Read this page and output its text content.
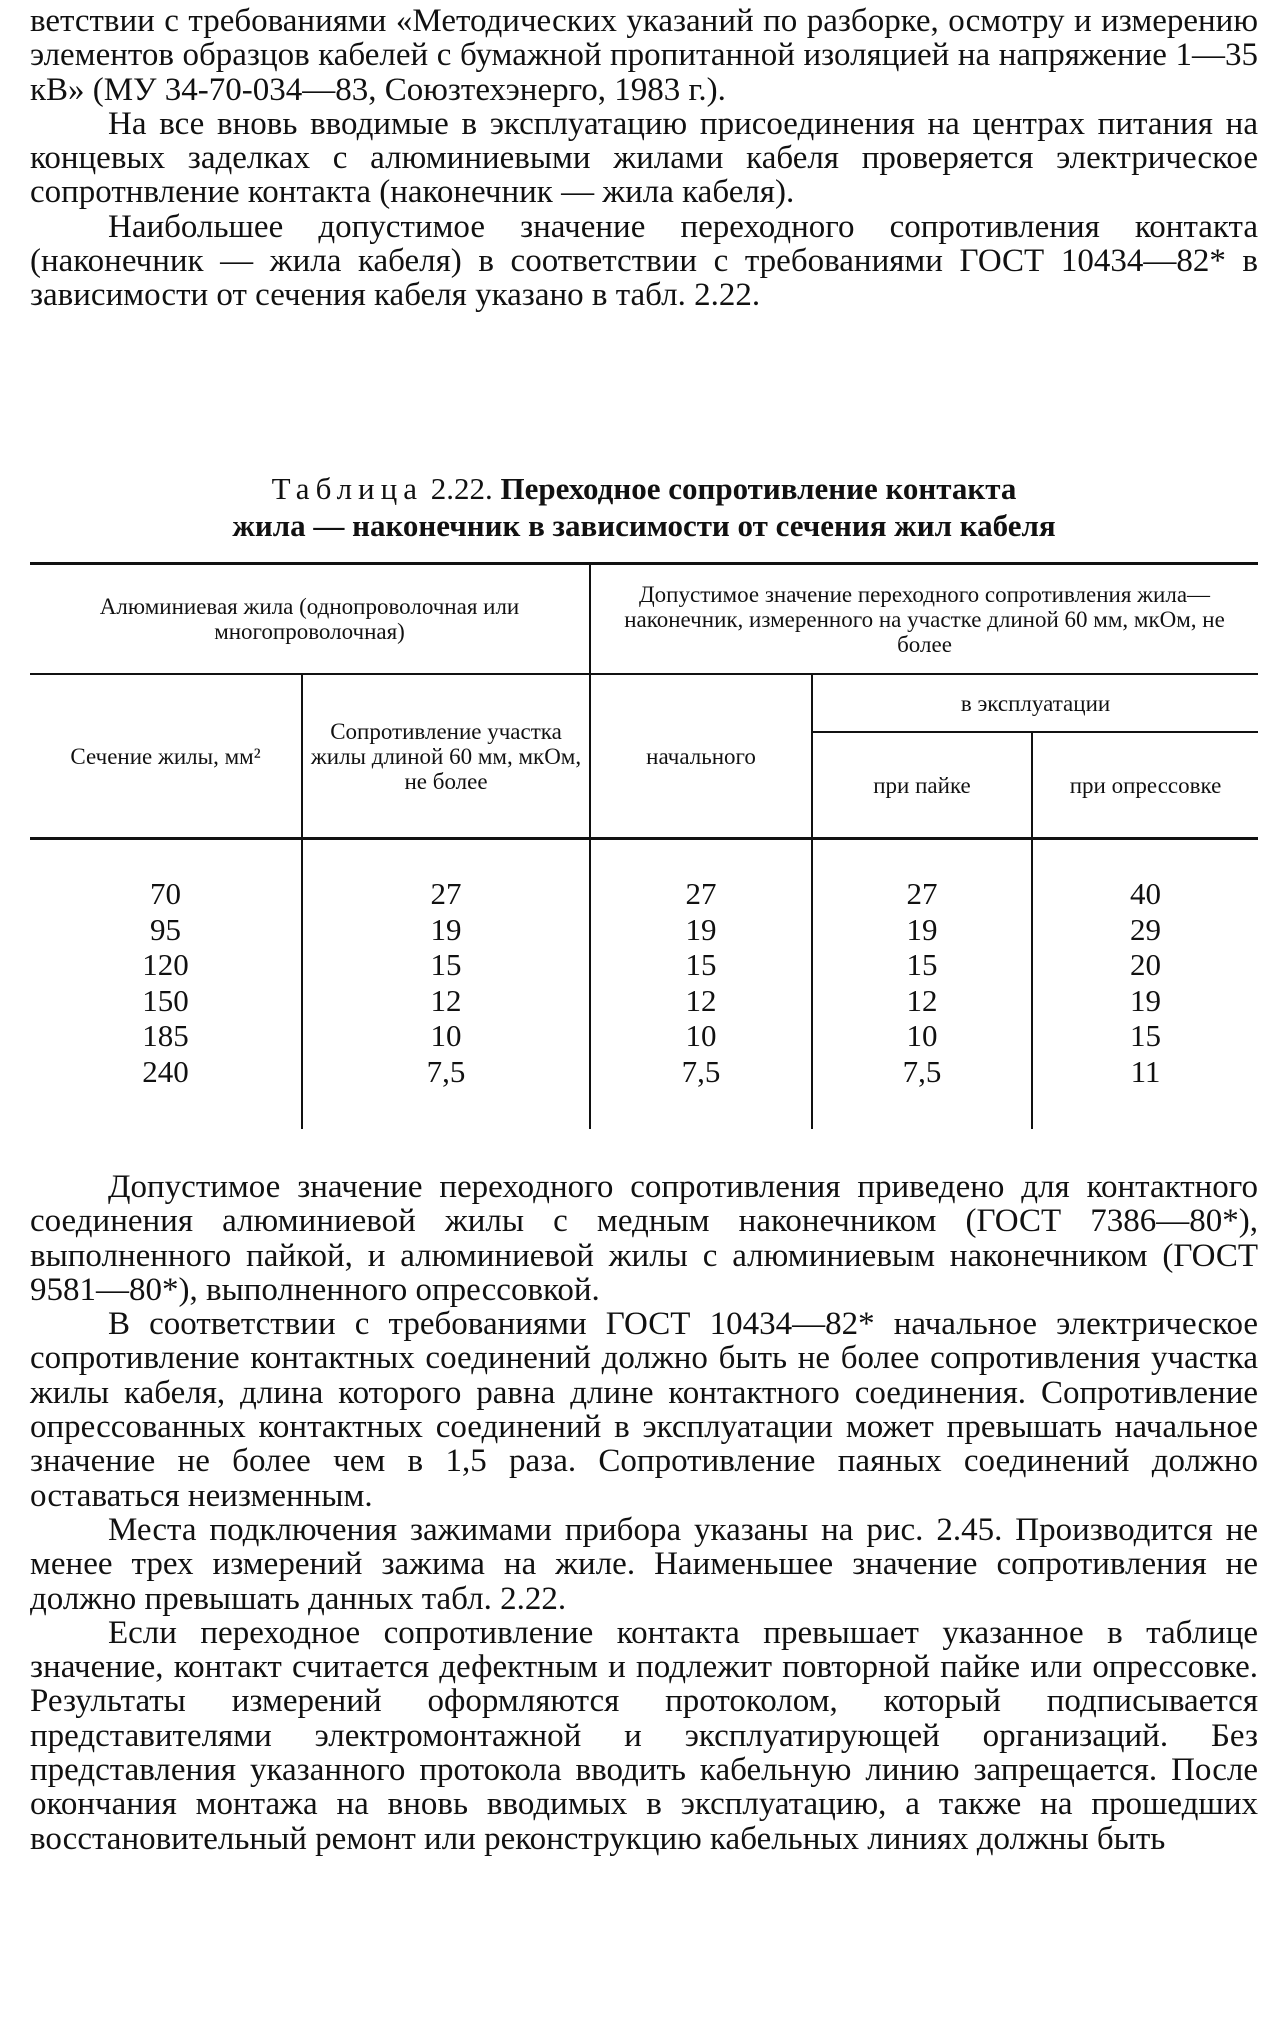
ветствии с требованиями «Методических указаний по разборке, осмотру и измерению элементов образцов кабелей с бумажной пропитанной изоляцией на напряжение 1—35 кВ» (МУ 34-70-034—83, Союзтехэнерго, 1983 г.).

На все вновь вводимые в эксплуатацию присоединения на центрах питания на концевых заделках с алюминиевыми жилами кабеля проверяется электрическое сопротнвление контакта (наконечник — жила кабеля).

Наибольшее допустимое значение переходного сопротивления контакта (наконечник — жила кабеля) в соответствии с требованиями ГОСТ 10434—82* в зависимости от сечения кабеля указано в табл. 2.22.

Таблица 2.22. Переходное сопротивление контакта
жила — наконечник в зависимости от сечения жил кабеля
Алюминиевая жила (однопроволочная или многопроволочная)		Допустимое значение переходного сопротивления жила—наконечник, измеренного на участке длиной 60 мм, мкОм, не более		
Сечение жилы, мм²	Сопротивление участка жилы длиной 60 мм, мкОм, не более	начального	в эксплуатации	
			при пайке	при опрессовке
70	27	27	27	40
95	19	19	19	29
120	15	15	15	20
150	12	12	12	19
185	10	10	10	15
240	7,5	7,5	7,5	11

Допустимое значение переходного сопротивления приведено для контактного соединения алюминиевой жилы с медным наконечником (ГОСТ 7386—80*), выполненного пайкой, и алюминиевой жилы с алюминиевым наконечником (ГОСТ 9581—80*), выполненного опрессовкой.

В соответствии с требованиями ГОСТ 10434—82* начальное электрическое сопротивление контактных соединений должно быть не более сопротивления участка жилы кабеля, длина которого равна длине контактного соединения. Сопротивление опрессованных контактных соединений в эксплуатации может превышать начальное значение не более чем в 1,5 раза. Сопротивление паяных соединений должно оставаться неизменным.

Места подключения зажимами прибора указаны на рис. 2.45. Производится не менее трех измерений зажима на жиле. Наименьшее значение сопротивления не должно превышать данных табл. 2.22.

Если переходное сопротивление контакта превышает указанное в таблице значение, контакт считается дефектным и подлежит повторной пайке или опрессовке. Результаты измерений оформляются протоколом, который подписывается представителями электромонтажной и эксплуатирующей организаций. Без представления указанного протокола вводить кабельную линию запрещается. После окончания монтажа на вновь вводимых в эксплуатацию, а также на прошедших восстановительный ремонт или реконструкцию кабельных линиях должны быть
